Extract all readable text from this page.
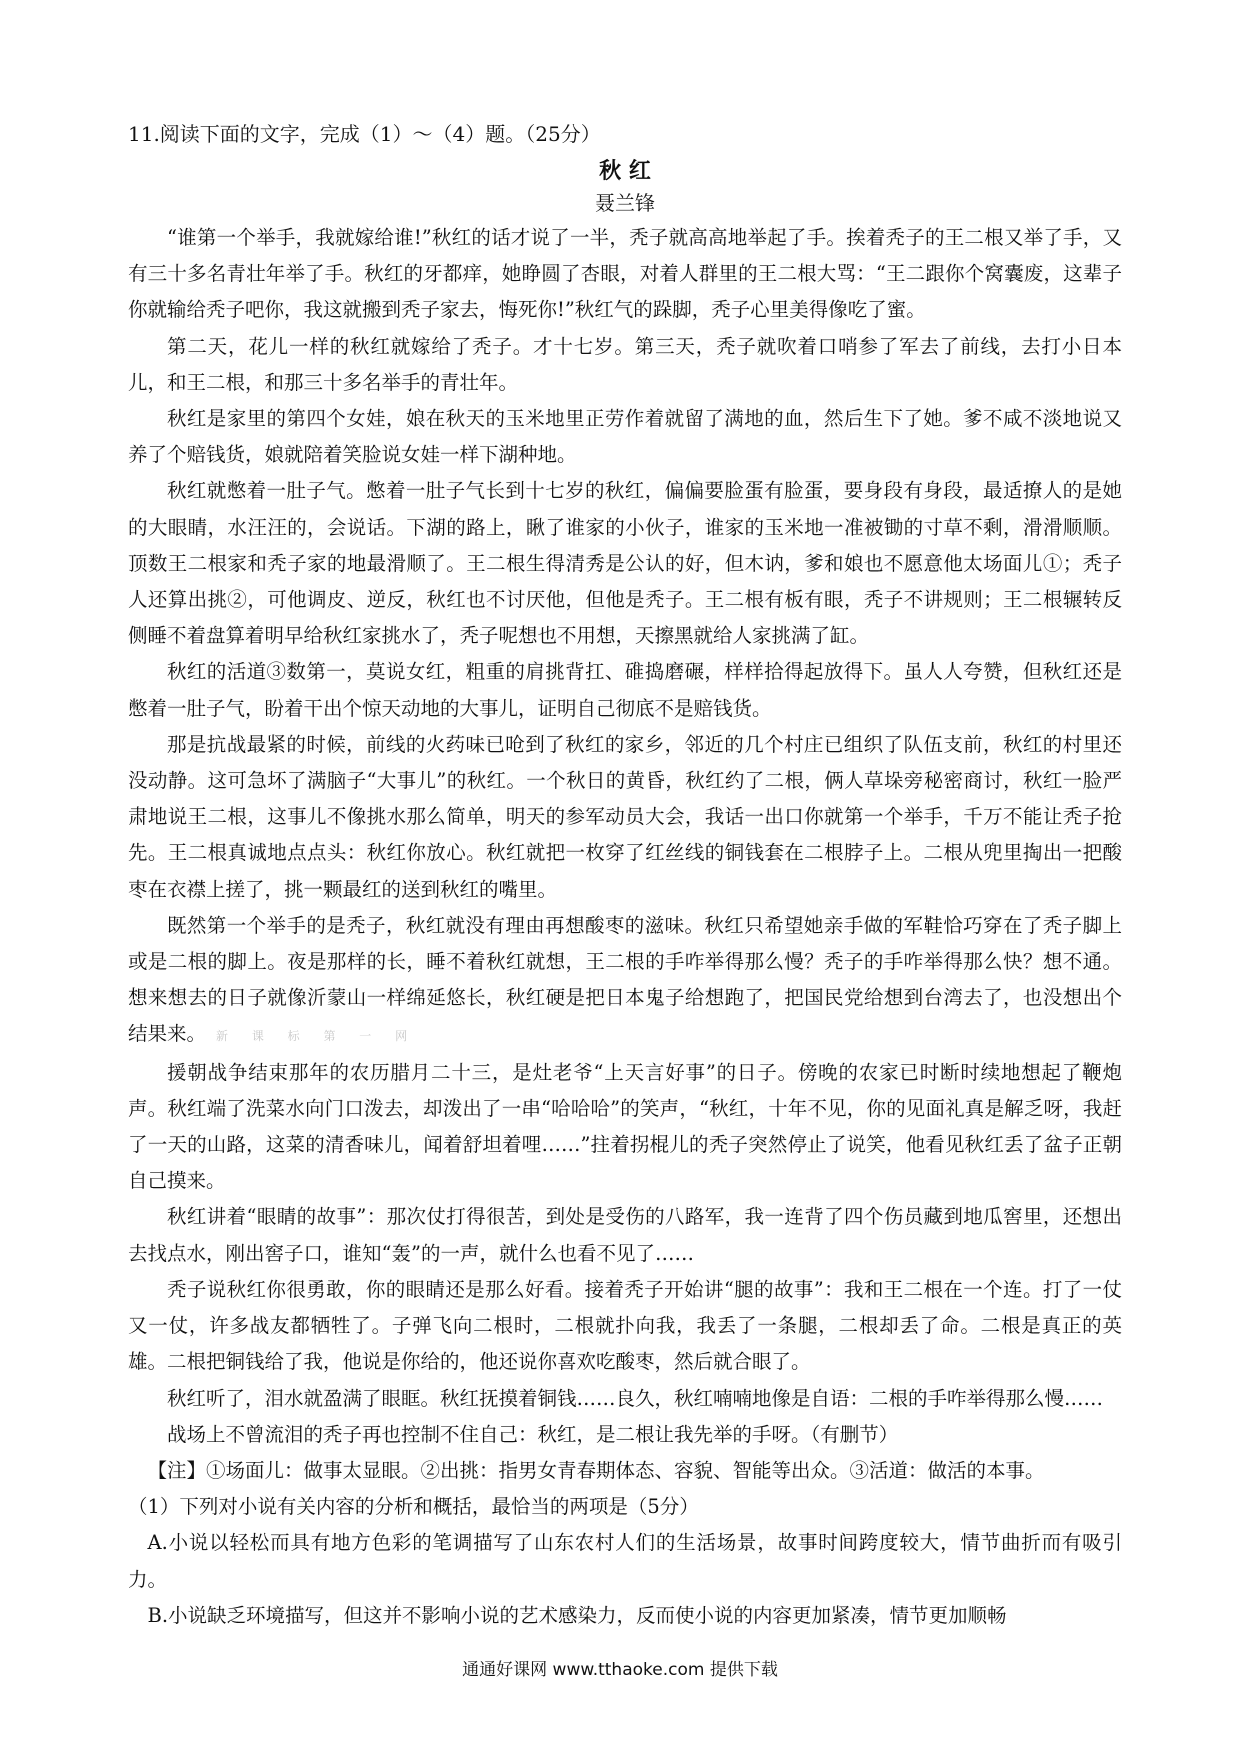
11.阅读下面的文字，完成（1）～（4）题。（25分）

秋 红

聂兰锋

“谁第一个举手，我就嫁给谁!”秋红的话才说了一半，秃子就高高地举起了手。挨着秃子的王二根又举了手，又有三十多名青壮年举了手。秋红的牙都痒，她睁圆了杏眼，对着人群里的王二根大骂：“王二跟你个窝囊废，这辈子你就输给秃子吧你，我这就搬到秃子家去，悔死你!”秋红气的跺脚，秃子心里美得像吃了蜜。

第二天，花儿一样的秋红就嫁给了秃子。才十七岁。第三天，秃子就吹着口哨参了军去了前线，去打小日本儿，和王二根，和那三十多名举手的青壮年。

秋红是家里的第四个女娃，娘在秋天的玉米地里正劳作着就留了满地的血，然后生下了她。爹不咸不淡地说又养了个赔钱货，娘就陪着笑脸说女娃一样下湖种地。

秋红就憋着一肚子气。憋着一肚子气长到十七岁的秋红，偏偏要脸蛋有脸蛋，要身段有身段，最适撩人的是她的大眼睛，水汪汪的，会说话。下湖的路上，瞅了谁家的小伙子，谁家的玉米地一准被锄的寸草不剩，滑滑顺顺。顶数王二根家和秃子家的地最滑顺了。王二根生得清秀是公认的好，但木讷，爹和娘也不愿意他太场面儿①；秃子人还算出挑②，可他调皮、逆反，秋红也不讨厌他，但他是秃子。王二根有板有眼，秃子不讲规则；王二根辗转反侧睡不着盘算着明早给秋红家挑水了，秃子呢想也不用想，天擦黑就给人家挑满了缸。

秋红的活道③数第一，莫说女红，粗重的肩挑背扛、碓捣磨碾，样样拾得起放得下。虽人人夸赞，但秋红还是憋着一肚子气，盼着干出个惊天动地的大事儿，证明自己彻底不是赔钱货。

那是抗战最紧的时候，前线的火药味已呛到了秋红的家乡，邻近的几个村庄已组织了队伍支前，秋红的村里还没动静。这可急坏了满脑子“大事儿”的秋红。一个秋日的黄昏，秋红约了二根，俩人草垛旁秘密商讨，秋红一脸严肃地说王二根，这事儿不像挑水那么简单，明天的参军动员大会，我话一出口你就第一个举手，千万不能让秃子抢先。王二根真诚地点点头：秋红你放心。秋红就把一枚穿了红丝线的铜钱套在二根脖子上。二根从兜里掏出一把酸枣在衣襟上搓了，挑一颗最红的送到秋红的嘴里。

既然第一个举手的是秃子，秋红就没有理由再想酸枣的滋味。秋红只希望她亲手做的军鞋恰巧穿在了秃子脚上或是二根的脚上。夜是那样的长，睡不着秋红就想，王二根的手咋举得那么慢？秃子的手咋举得那么快？想不通。想来想去的日子就像沂蒙山一样绵延悠长，秋红硬是把日本鬼子给想跑了，把国民党给想到台湾去了，也没想出个结果来。 新 课 标 第 一 网

援朝战争结束那年的农历腊月二十三，是灶老爷“上天言好事”的日子。傍晚的农家已时断时续地想起了鞭炮声。秋红端了洗菜水向门口泼去，却泼出了一串“哈哈哈”的笑声，“秋红，十年不见，你的见面礼真是解乏呀，我赶了一天的山路，这菜的清香味儿，闻着舒坦着哩……”拄着拐棍儿的秃子突然停止了说笑，他看见秋红丢了盆子正朝自己摸来。

秋红讲着“眼睛的故事”：那次仗打得很苦，到处是受伤的八路军，我一连背了四个伤员藏到地瓜窖里，还想出去找点水，刚出窖子口，谁知“轰”的一声，就什么也看不见了……

秃子说秋红你很勇敢，你的眼睛还是那么好看。接着秃子开始讲“腿的故事”：我和王二根在一个连。打了一仗又一仗，许多战友都牺牲了。子弹飞向二根时，二根就扑向我，我丢了一条腿，二根却丢了命。二根是真正的英雄。二根把铜钱给了我，他说是你给的，他还说你喜欢吃酸枣，然后就合眼了。

秋红听了，泪水就盈满了眼眶。秋红抚摸着铜钱……良久，秋红喃喃地像是自语：二根的手咋举得那么慢……

战场上不曾流泪的秃子再也控制不住自己：秋红，是二根让我先举的手呀。（有删节）

【注】①场面儿：做事太显眼。②出挑：指男女青春期体态、容貌、智能等出众。③活道：做活的本事。

（1）下列对小说有关内容的分析和概括，最恰当的两项是（5分）

A.小说以轻松而具有地方色彩的笔调描写了山东农村人们的生活场景，故事时间跨度较大，情节曲折而有吸引力。

B.小说缺乏环境描写，但这并不影响小说的艺术感染力，反而使小说的内容更加紧凑，情节更加顺畅

通通好课网 www.tthaoke.com 提供下载
